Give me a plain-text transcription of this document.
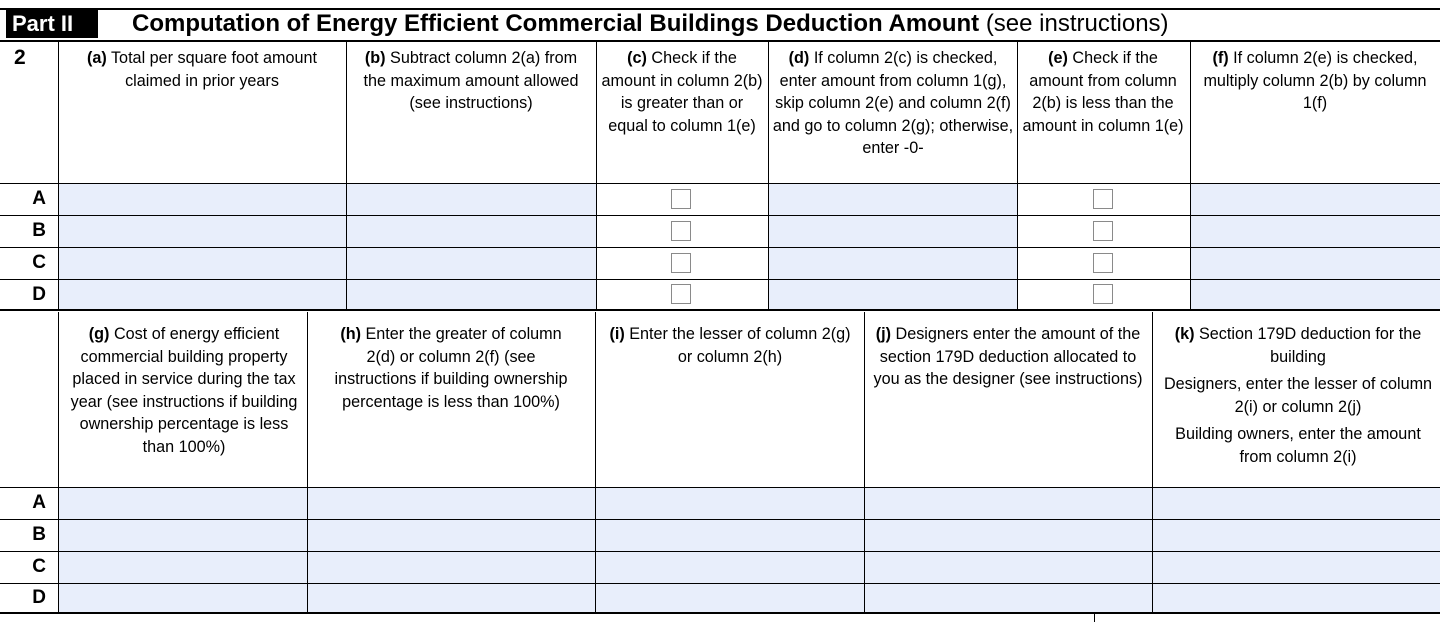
Part II	Computation of Energy Efficient Commercial Buildings Deduction Amount (see instructions)
2	(a) Total per square foot amount claimed in prior years
(b) Subtract column 2(a) from the maximum amount allowed (see instructions)
(c) Check if the amount in column 2(b) is greater than or equal to column 1(e)
(d) If column 2(c) is checked, enter amount from column 1(g), skip column 2(e) and column 2(f) and go to column 2(g); otherwise, enter -0-
(e) Check if the amount from column 2(b) is less than the amount in column 1(e)
(f) If column 2(e) is checked, multiply column 2(b) by column 1(f)
A
B
C
D
(g) Cost of energy efficient commercial building property placed in service during the tax year (see instructions if building ownership percentage is less than 100%)
(h) Enter the greater of column 2(d) or column 2(f) (see instructions if building ownership percentage is less than 100%)
(i) Enter the lesser of column 2(g) or column 2(h)
(j) Designers enter the amount of the section 179D deduction allocated to you as the designer (see instructions)
(k) Section 179D deduction for the building
Designers, enter the lesser of column 2(i) or column 2(j)
Building owners, enter the amount from column 2(i)
A
B
C
D
